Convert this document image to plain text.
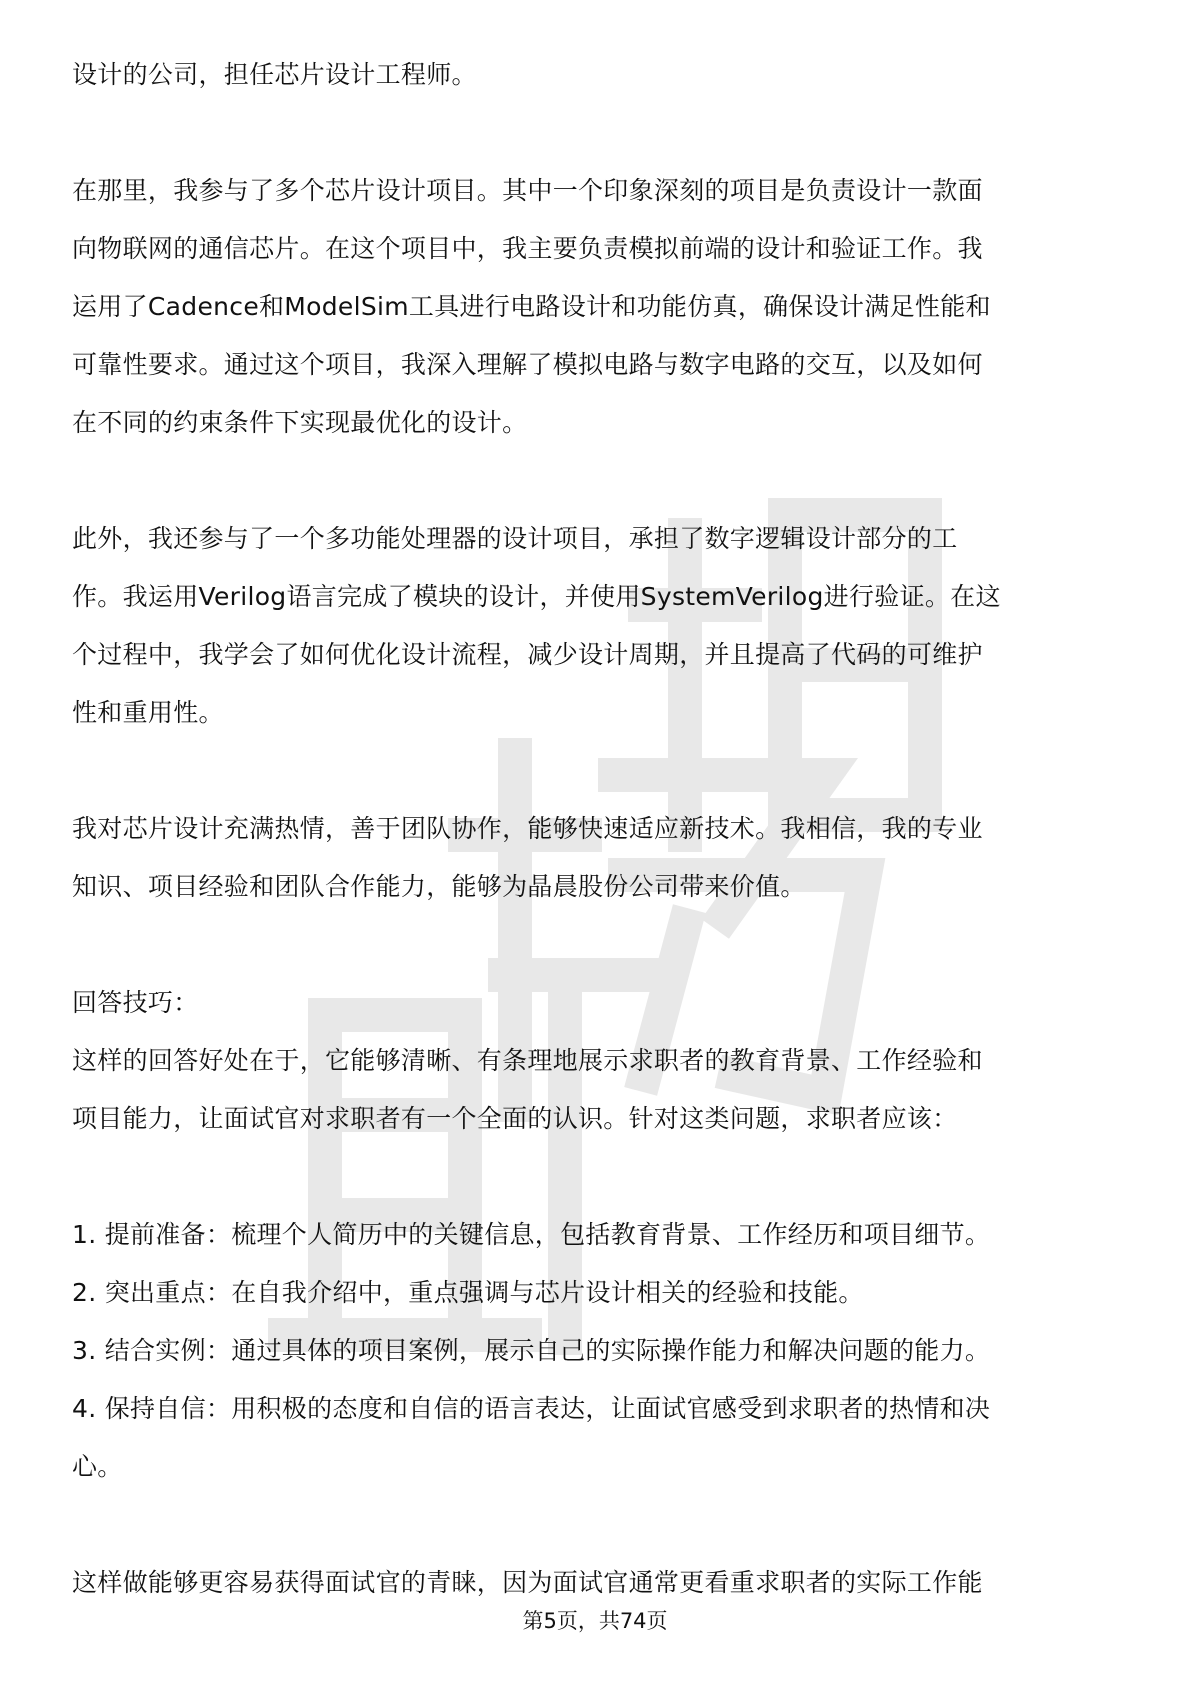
设计的公司，担任芯片设计工程师。
在那里，我参与了多个芯片设计项目。其中一个印象深刻的项目是负责设计一款面
向物联网的通信芯片。在这个项目中，我主要负责模拟前端的设计和验证工作。我
运用了Cadence和ModelSim工具进行电路设计和功能仿真，确保设计满足性能和
可靠性要求。通过这个项目，我深入理解了模拟电路与数字电路的交互，以及如何
在不同的约束条件下实现最优化的设计。
此外，我还参与了一个多功能处理器的设计项目，承担了数字逻辑设计部分的工
作。我运用Verilog语言完成了模块的设计，并使用SystemVerilog进行验证。在这
个过程中，我学会了如何优化设计流程，减少设计周期，并且提高了代码的可维护
性和重用性。
我对芯片设计充满热情，善于团队协作，能够快速适应新技术。我相信，我的专业
知识、项目经验和团队合作能力，能够为晶晨股份公司带来价值。
回答技巧：
这样的回答好处在于，它能够清晰、有条理地展示求职者的教育背景、工作经验和
项目能力，让面试官对求职者有一个全面的认识。针对这类问题，求职者应该：
1. 提前准备：梳理个人简历中的关键信息，包括教育背景、工作经历和项目细节。
2. 突出重点：在自我介绍中，重点强调与芯片设计相关的经验和技能。
3. 结合实例：通过具体的项目案例，展示自己的实际操作能力和解决问题的能力。
4. 保持自信：用积极的态度和自信的语言表达，让面试官感受到求职者的热情和决
心。
这样做能够更容易获得面试官的青睐，因为面试官通常更看重求职者的实际工作能
第5页，共74页
